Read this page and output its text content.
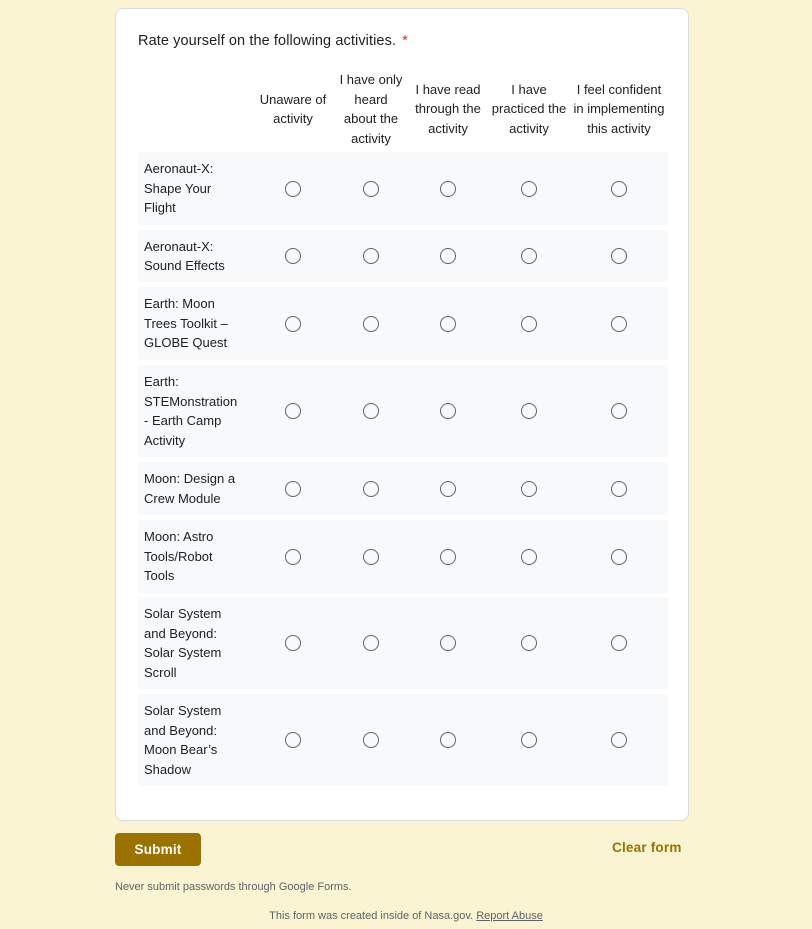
Rate yourself on the following activities. *
Unaware of activity
I have only heard about the activity
I have read through the activity
I have practiced the activity
I feel confident in implementing this activity
Aeronaut-X: Shape Your Flight
Aeronaut-X: Sound Effects
Earth: Moon Trees Toolkit – GLOBE Quest
Earth: STEMonstration - Earth Camp Activity
Moon: Design a Crew Module
Moon: Astro Tools/Robot Tools
Solar System and Beyond: Solar System Scroll
Solar System and Beyond: Moon Bear’s Shadow
Submit	Clear form
Never submit passwords through Google Forms.
This form was created inside of Nasa.gov. Report Abuse
